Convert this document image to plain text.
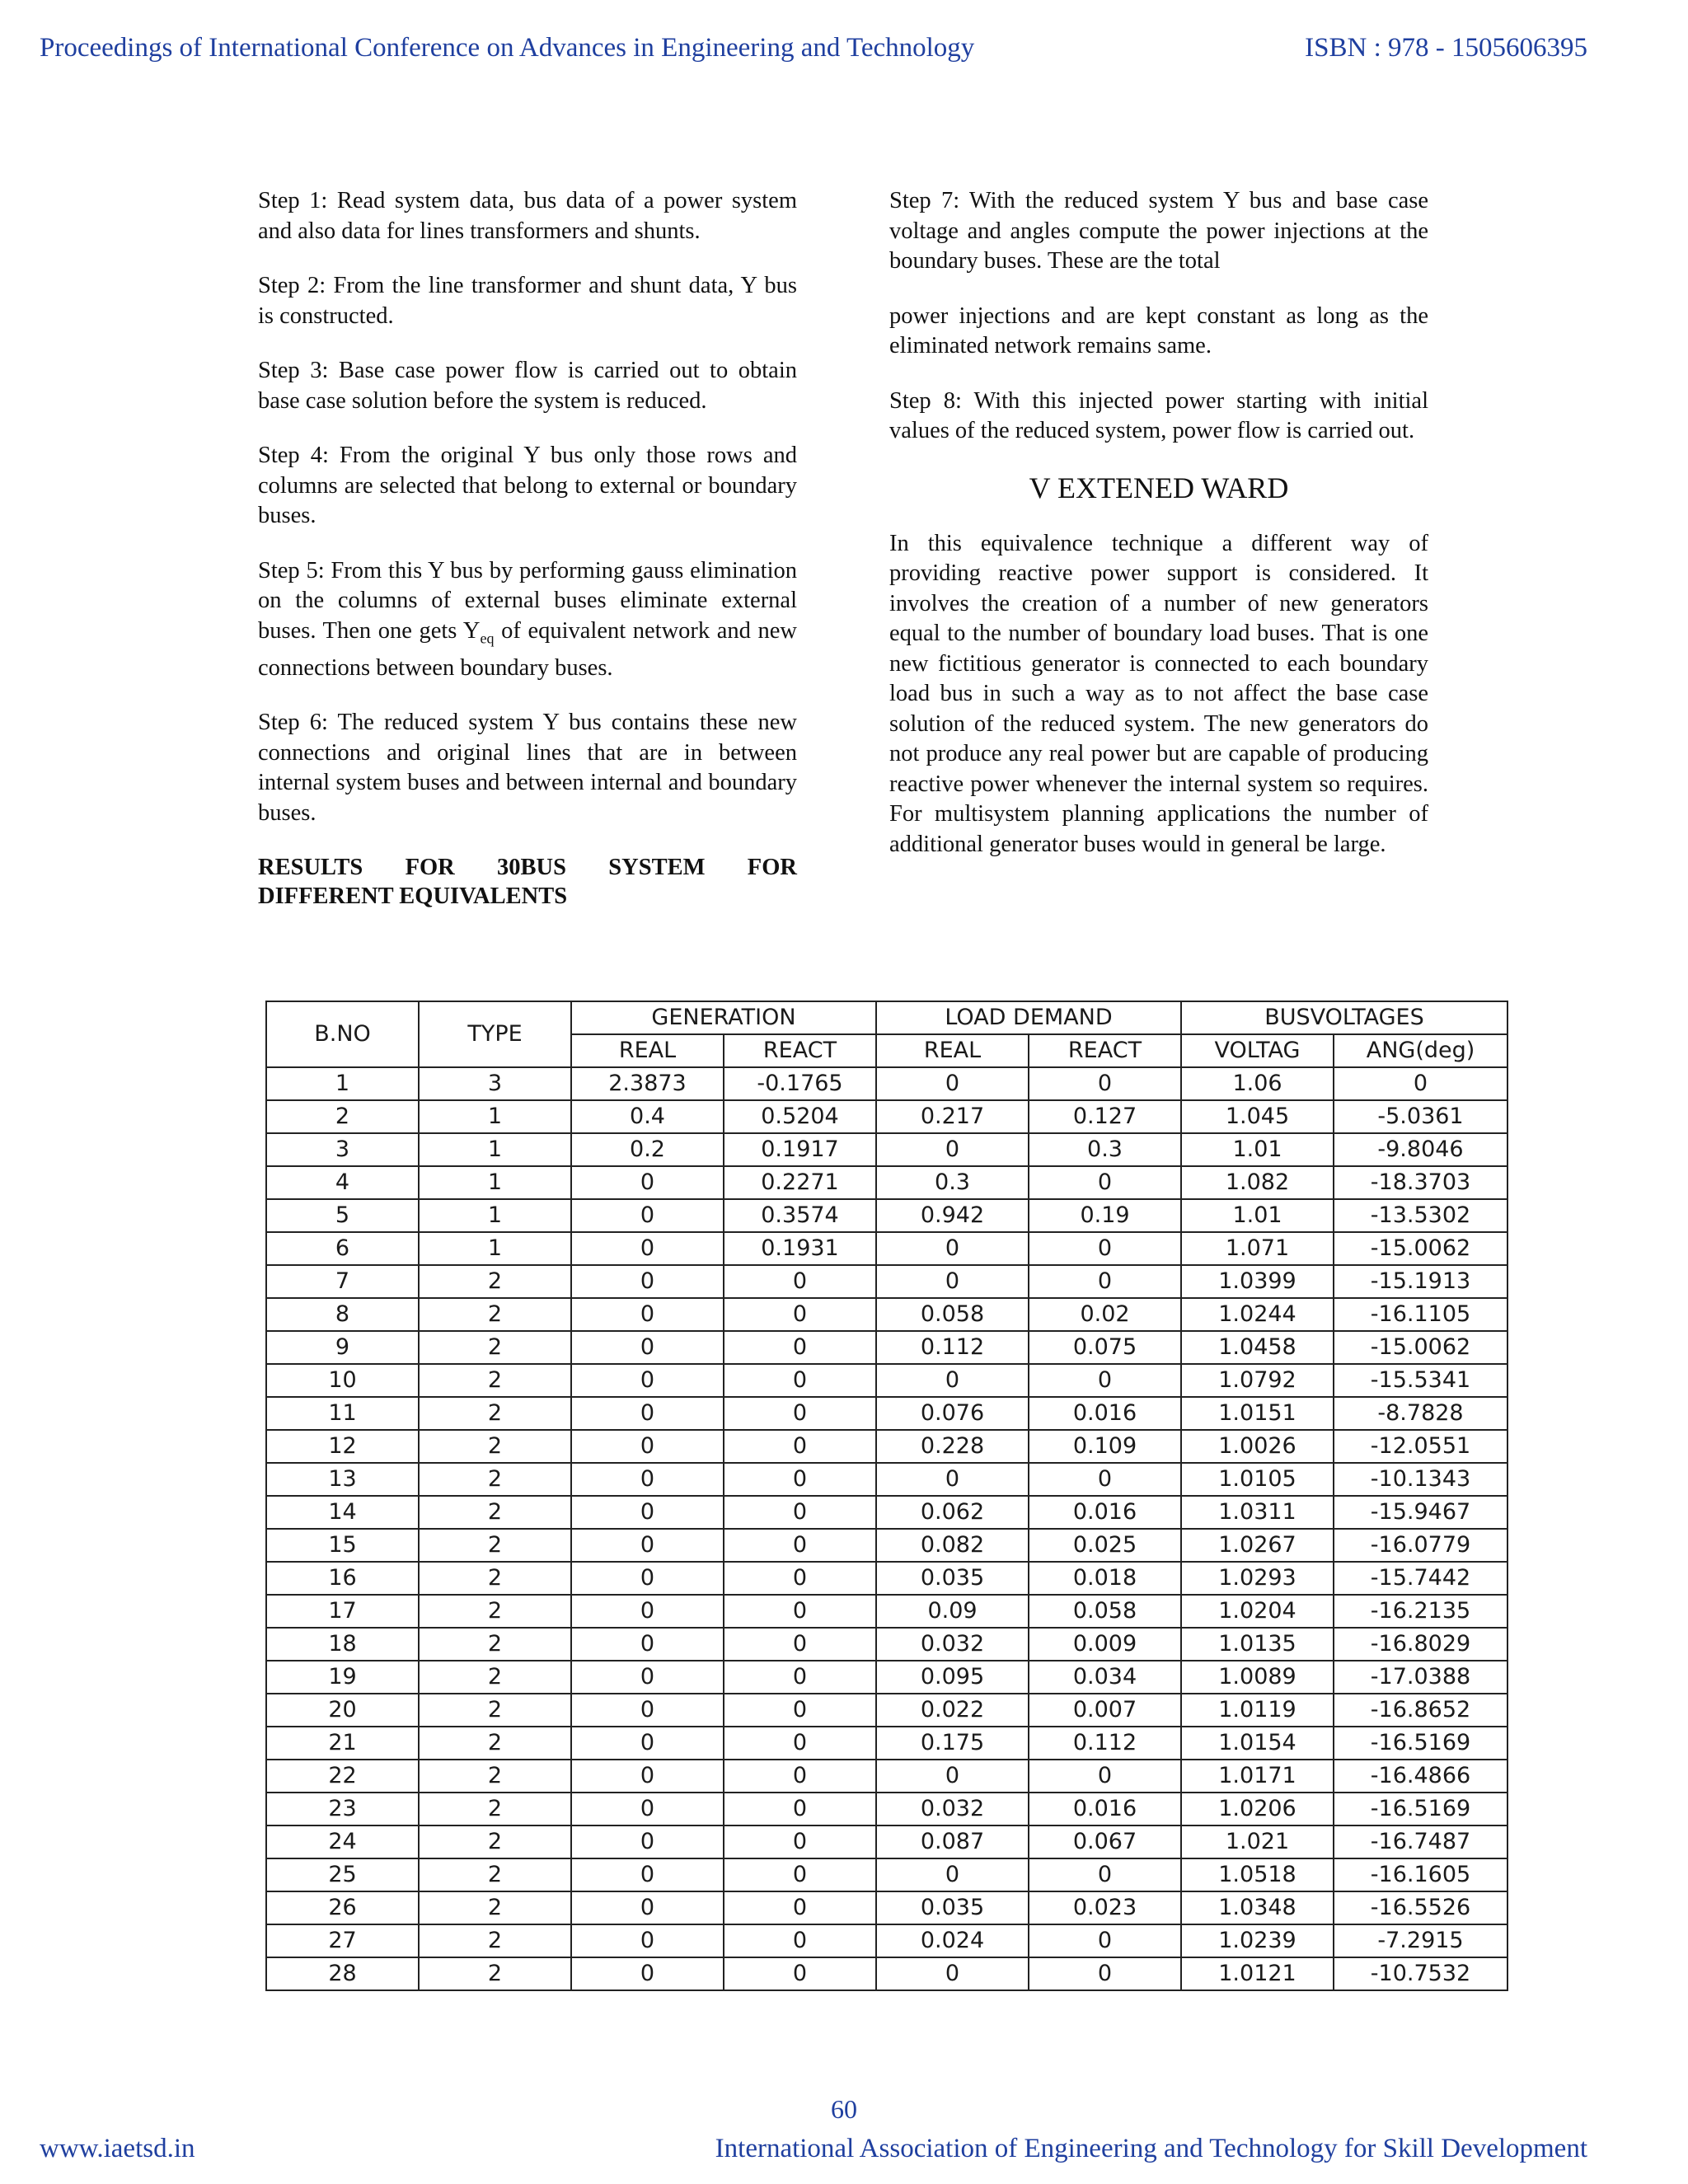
Proceedings of International Conference on Advances in Engineering and Technology	ISBN : 978 - 1505606395

Step 1: Read system data, bus data of a power system and also data for lines transformers and shunts.

Step 2: From the line transformer and shunt data, Y bus is constructed.

Step 3: Base case power flow is carried out to obtain base case solution before the system is reduced.

Step 4: From the original Y bus only those rows and columns are selected that belong to external or boundary buses.

Step 5: From this Y bus by performing gauss elimination on the columns of external buses eliminate external buses. Then one gets $Y_{eq}$ of equivalent network and new connections between boundary buses.

Step 6: The reduced system Y bus contains these new connections and original lines that are in between internal system buses and between internal and boundary buses.

RESULTS FOR 30BUS SYSTEM FOR
DIFFERENT EQUIVALENTS

Step 7: With the reduced system Y bus and base case voltage and angles compute the power injections at the boundary buses. These are the total

power injections and are kept constant as long as the eliminated network remains same.

Step 8: With this injected power starting with initial values of the reduced system, power flow is carried out.

V EXTENED WARD

In this equivalence technique a different way of providing reactive power support is considered. It involves the creation of a number of new generators equal to the number of boundary load buses. That is one new fictitious generator is connected to each boundary load bus in such a way as to not affect the base case solution of the reduced system. The new generators do not produce any real power but are capable of producing reactive power whenever the internal system so requires. For multisystem planning applications the number of additional generator buses would in general be large.

B.NO	TYPE	GENERATION		LOAD DEMAND		BUSVOLTAGES	
		REAL	REACT	REAL	REACT	VOLTAG	ANG(deg)
1	3	2.3873	-0.1765	0	0	1.06	0
2	1	0.4	0.5204	0.217	0.127	1.045	-5.0361
3	1	0.2	0.1917	0	0.3	1.01	-9.8046
4	1	0	0.2271	0.3	0	1.082	-18.3703
5	1	0	0.3574	0.942	0.19	1.01	-13.5302
6	1	0	0.1931	0	0	1.071	-15.0062
7	2	0	0	0	0	1.0399	-15.1913
8	2	0	0	0.058	0.02	1.0244	-16.1105
9	2	0	0	0.112	0.075	1.0458	-15.0062
10	2	0	0	0	0	1.0792	-15.5341
11	2	0	0	0.076	0.016	1.0151	-8.7828
12	2	0	0	0.228	0.109	1.0026	-12.0551
13	2	0	0	0	0	1.0105	-10.1343
14	2	0	0	0.062	0.016	1.0311	-15.9467
15	2	0	0	0.082	0.025	1.0267	-16.0779
16	2	0	0	0.035	0.018	1.0293	-15.7442
17	2	0	0	0.09	0.058	1.0204	-16.2135
18	2	0	0	0.032	0.009	1.0135	-16.8029
19	2	0	0	0.095	0.034	1.0089	-17.0388
20	2	0	0	0.022	0.007	1.0119	-16.8652
21	2	0	0	0.175	0.112	1.0154	-16.5169
22	2	0	0	0	0	1.0171	-16.4866
23	2	0	0	0.032	0.016	1.0206	-16.5169
24	2	0	0	0.087	0.067	1.021	-16.7487
25	2	0	0	0	0	1.0518	-16.1605
26	2	0	0	0.035	0.023	1.0348	-16.5526
27	2	0	0	0.024	0	1.0239	-7.2915
28	2	0	0	0	0	1.0121	-10.7532
60
www.iaetsd.in	International Association of Engineering and Technology for Skill Development
